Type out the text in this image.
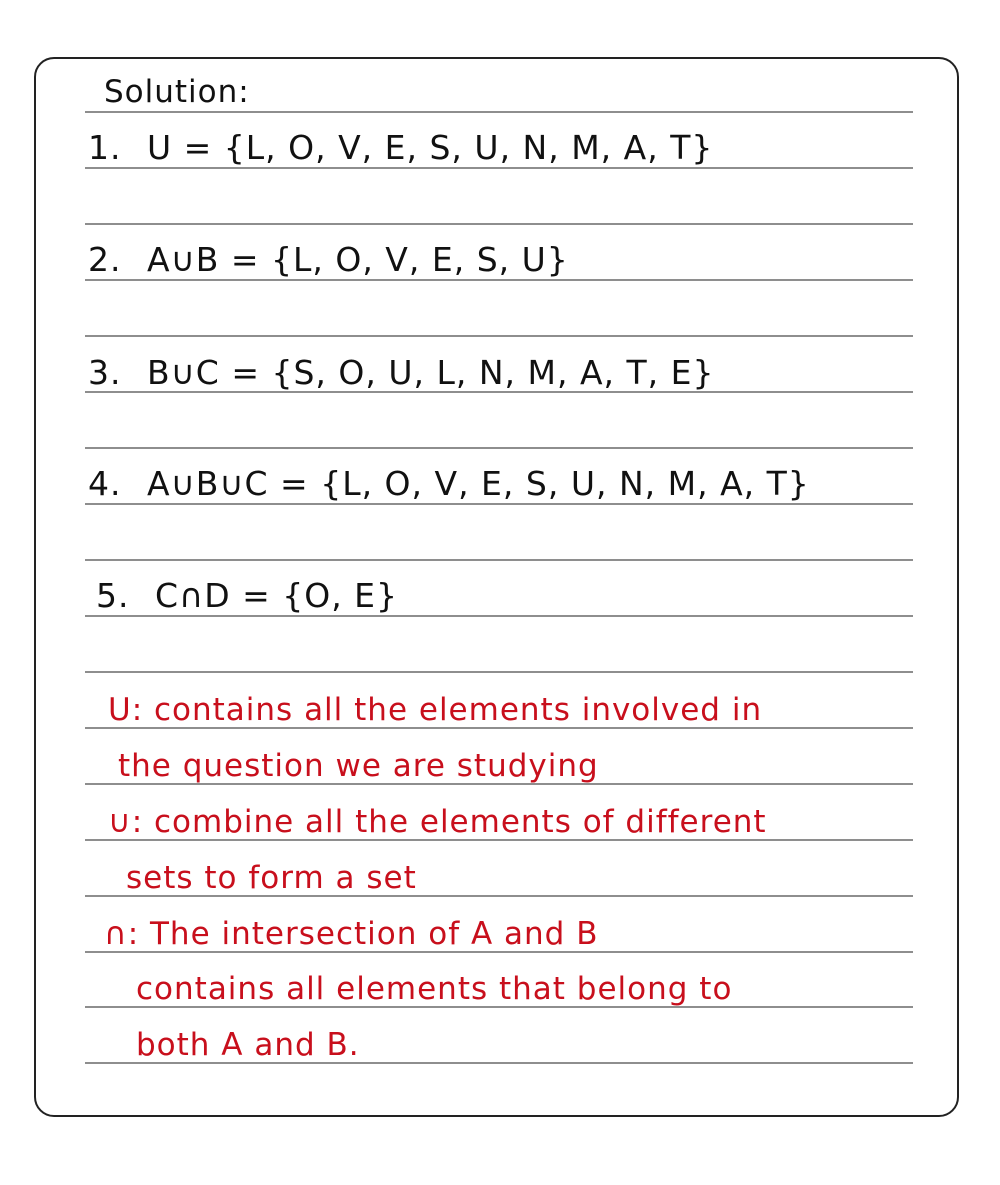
Solution:
1. U = {L, O, V, E, S, U, N, M, A, T}
2. A∪B = {L, O, V, E, S, U}
3. B∪C = {S, O, U, L, N, M, A, T, E}
4. A∪B∪C = {L, O, V, E, S, U, N, M, A, T}
5. C∩D = {O, E}
U: contains all the elements involved in
the question we are studying
∪: combine all the elements of different
sets to form a set
∩: The intersection of A and B
contains all elements that belong to
both A and B.
